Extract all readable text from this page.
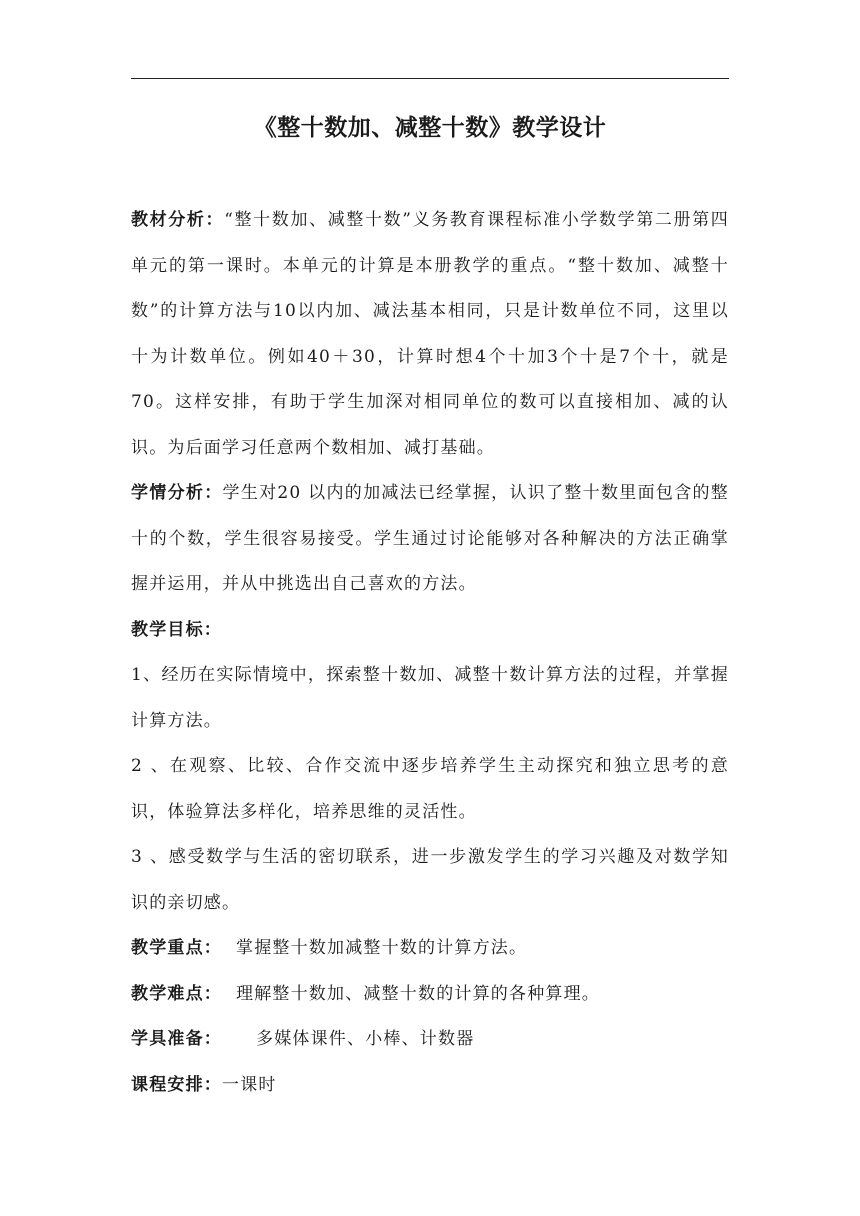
《整十数加、减整十数》教学设计

教材分析：“整十数加、减整十数”义务教育课程标准小学数学第二册第四单元的第一课时。本单元的计算是本册教学的重点。“整十数加、减整十数”的计算方法与10以内加、减法基本相同，只是计数单位不同，这里以十为计数单位。例如40＋30，计算时想4个十加3个十是7个十，就是70。这样安排，有助于学生加深对相同单位的数可以直接相加、减的认识。为后面学习任意两个数相加、减打基础。

学情分析：学生对20 以内的加减法已经掌握，认识了整十数里面包含的整十的个数，学生很容易接受。学生通过讨论能够对各种解决的方法正确掌握并运用，并从中挑选出自己喜欢的方法。

教学目标：

1、经历在实际情境中，探索整十数加、减整十数计算方法的过程，并掌握计算方法。

2 、在观察、比较、合作交流中逐步培养学生主动探究和独立思考的意识，体验算法多样化，培养思维的灵活性。

3 、感受数学与生活的密切联系，进一步激发学生的学习兴趣及对数学知识的亲切感。

教学重点： 掌握整十数加减整十数的计算方法。

教学难点： 理解整十数加、减整十数的计算的各种算理。

学具准备： 多媒体课件、小棒、计数器

课程安排：一课时
